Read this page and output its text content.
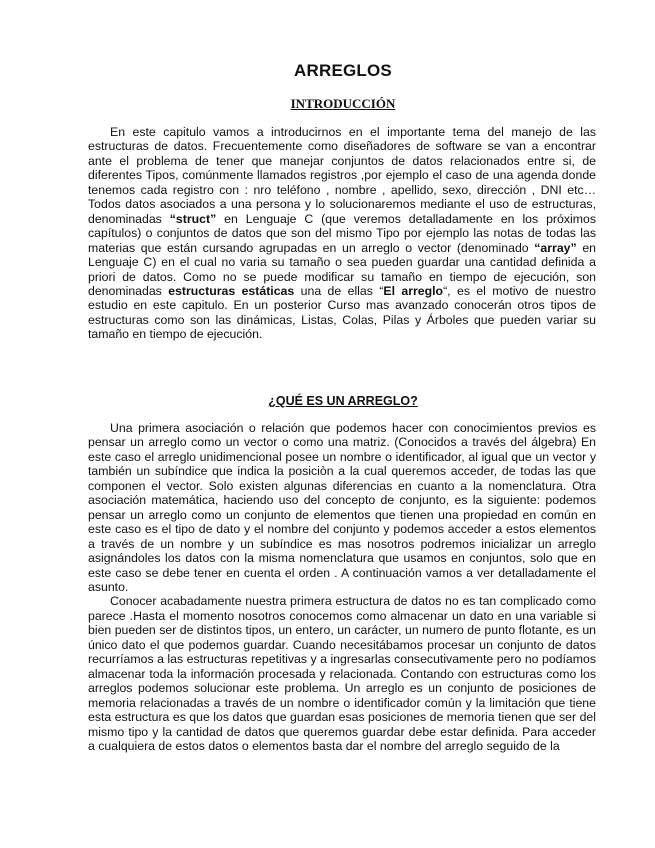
ARREGLOS
INTRODUCCIÓN

En este capitulo vamos a introducirnos en el importante tema del manejo de las estructuras de datos. Frecuentemente como diseñadores de software se van a encontrar ante el problema de tener que manejar conjuntos de datos relacionados entre si, de diferentes Tipos, comúnmente llamados registros ,por ejemplo el caso de una agenda donde tenemos cada registro con : nro teléfono , nombre , apellido, sexo, dirección , DNI etc…Todos datos asociados a una persona y lo solucionaremos mediante el uso de estructuras, denominadas “struct” en Lenguaje C (que veremos detalladamente en los próximos capítulos) o conjuntos de datos que son del mismo Tipo por ejemplo las notas de todas las materias que están cursando agrupadas en un arreglo o vector (denominado “array” en Lenguaje C) en el cual no varia su tamaño o sea pueden guardar una cantidad definida a priori de datos. Como no se puede modificar su tamaño en tiempo de ejecución, son denominadas estructuras estáticas una de ellas “El arreglo“, es el motivo de nuestro estudio en este capitulo. En un posterior Curso mas avanzado conocerán otros tipos de estructuras como son las dinámicas, Listas, Colas, Pilas y Árboles que pueden variar su tamaño en tiempo de ejecución.

¿QUÉ ES UN ARREGLO?

Una primera asociación o relación que podemos hacer con conocimientos previos es pensar un arreglo como un vector o como una matriz. (Conocidos a través del álgebra) En este caso el arreglo unidimencional posee un nombre o identificador, al igual que un vector y también un subíndice que indica la posiciòn a la cual queremos acceder, de todas las que componen el vector. Solo existen algunas diferencias en cuanto a la nomenclatura. Otra asociación matemática, haciendo uso del concepto de conjunto, es la siguiente: podemos pensar un arreglo como un conjunto de elementos que tienen una propiedad en común en este caso es el tipo de dato y el nombre del conjunto y podemos acceder a estos elementos a través de un nombre y un subíndice es mas nosotros podremos inicializar un arreglo asignándoles los datos con la misma nomenclatura que usamos en conjuntos, solo que en este caso se debe tener en cuenta el orden . A continuación vamos a ver detalladamente el asunto.

Conocer acabadamente nuestra primera estructura de datos no es tan complicado como parece .Hasta el momento nosotros conocemos como almacenar un dato en una variable si bien pueden ser de distintos tipos, un entero, un carácter, un numero de punto flotante, es un único dato el que podemos guardar. Cuando necesitábamos procesar un conjunto de datos recurríamos a las estructuras repetitivas y a ingresarlas consecutivamente pero no podíamos almacenar toda la información procesada y relacionada. Contando con estructuras como los arreglos podemos solucionar este problema. Un arreglo es un conjunto de posiciones de memoria relacionadas a través de un nombre o identificador común y la limitación que tiene esta estructura es que los datos que guardan esas posiciones de memoria tienen que ser del mismo tipo y la cantidad de datos que queremos guardar debe estar definida. Para acceder a cualquiera de estos datos o elementos basta dar el nombre del arreglo seguido de la
